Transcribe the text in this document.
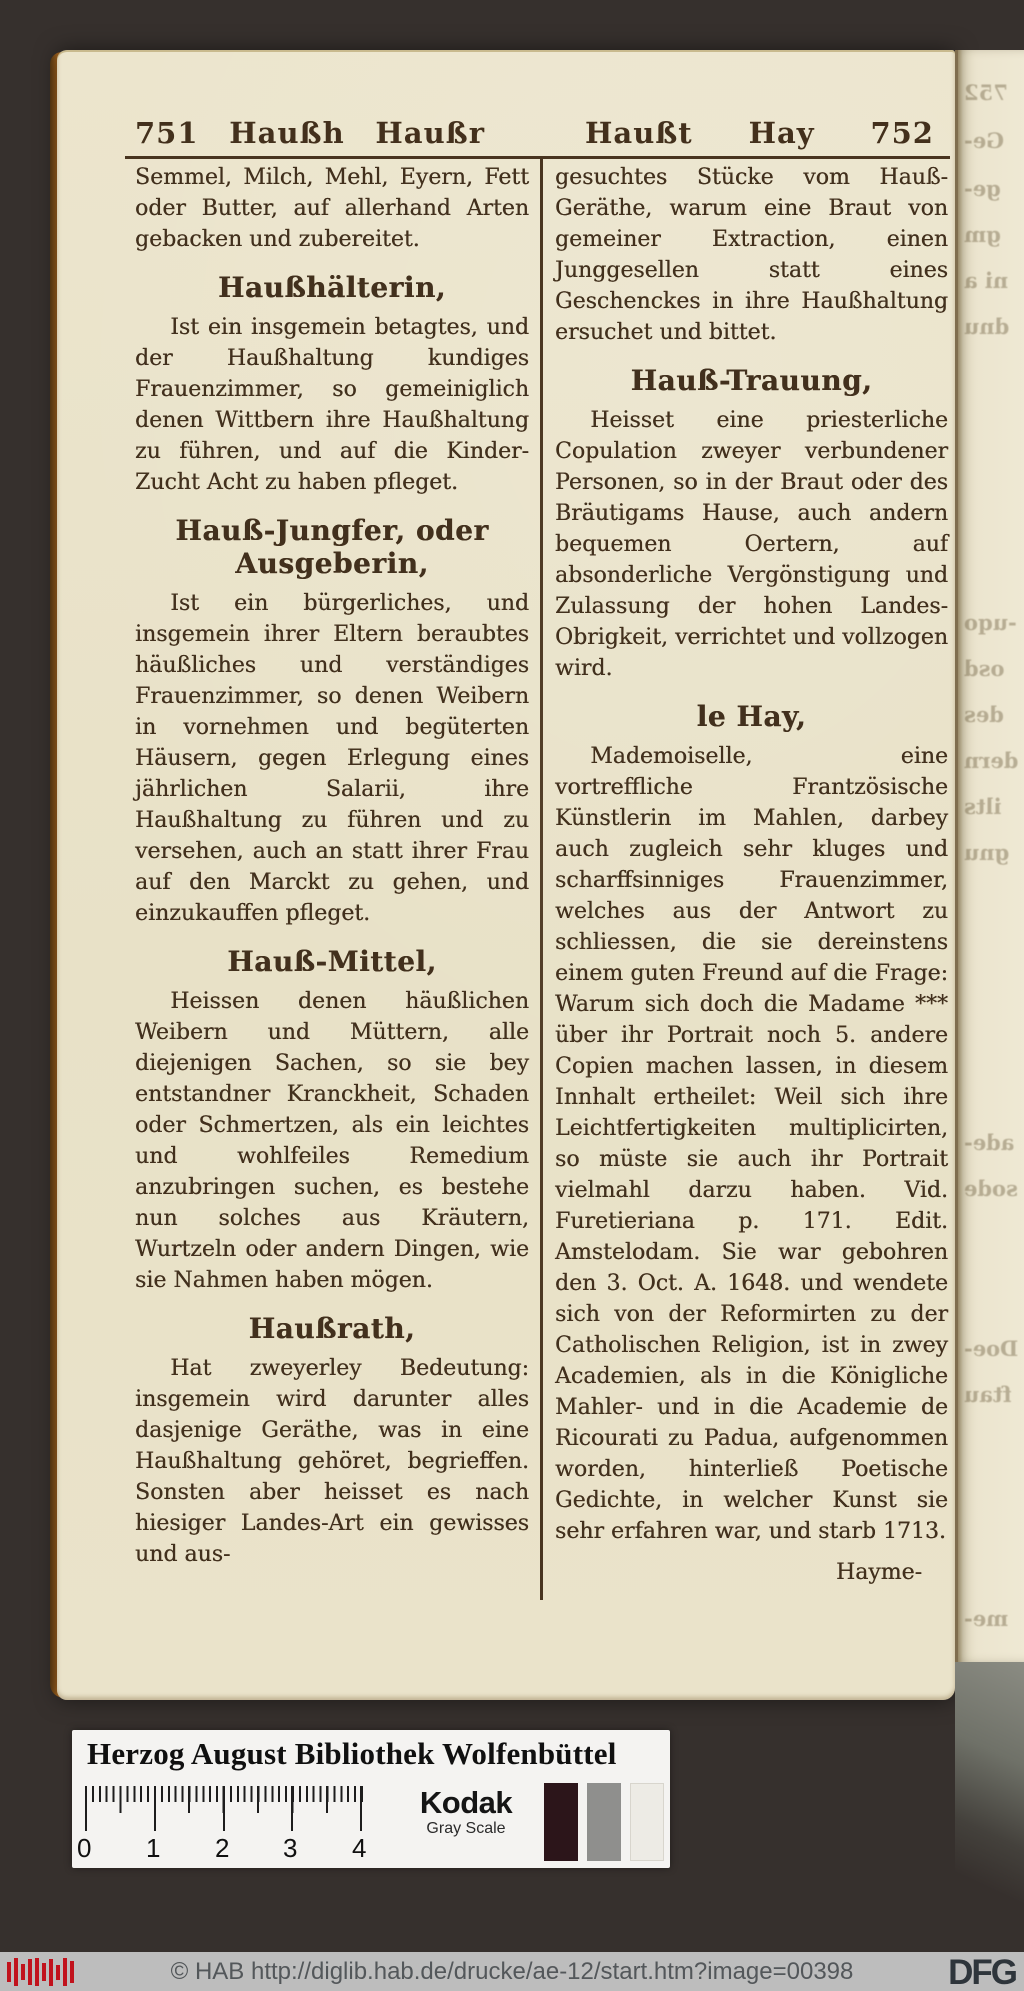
751 Haußh Haußr	Haußt Hay 752

Semmel, Milch, Mehl, Eyern, Fett oder Butter, auf allerhand Arten gebacken und zubereitet.

Haußhälterin,

Ist ein insgemein betagtes, und der Haußhaltung kundiges Frauenzimmer, so gemeiniglich denen Wittbern ihre Haußhaltung zu führen, und auf die Kinder-Zucht Acht zu haben pfleget.

Hauß-Jungfer, oder Ausgeberin,

Ist ein bürgerliches, und insgemein ihrer Eltern beraubtes häußliches und verständiges Frauenzimmer, so denen Weibern in vornehmen und begüterten Häusern, gegen Erlegung eines jährlichen Salarii, ihre Haußhaltung zu führen und zu versehen, auch an statt ihrer Frau auf den Marckt zu gehen, und einzukauffen pfleget.

Hauß-Mittel,

Heissen denen häußlichen Weibern und Müttern, alle diejenigen Sachen, so sie bey entstandner Kranckheit, Schaden oder Schmertzen, als ein leichtes und wohlfeiles Remedium anzubringen suchen, es bestehe nun solches aus Kräutern, Wurtzeln oder andern Dingen, wie sie Nahmen haben mögen.

Haußrath,

Hat zweyerley Bedeutung: insgemein wird darunter alles dasjenige Geräthe, was in eine Haußhaltung gehöret, begrieffen. Sonsten aber heisset es nach hiesiger Landes-Art ein gewisses und aus-

gesuchtes Stücke vom Hauß-Geräthe, warum eine Braut von gemeiner Extraction, einen Junggesellen statt eines Geschenckes in ihre Haußhaltung ersuchet und bittet.

Hauß-Trauung,

Heisset eine priesterliche Copulation zweyer verbundener Personen, so in der Braut oder des Bräutigams Hause, auch andern bequemen Oertern, auf absonderliche Vergönstigung und Zulassung der hohen Landes-Obrigkeit, verrichtet und vollzogen wird.

le Hay,

Mademoiselle, eine vortreffliche Frantzösische Künstlerin im Mahlen, darbey auch zugleich sehr kluges und scharffsinniges Frauenzimmer, welches aus der Antwort zu schliessen, die sie dereinstens einem guten Freund auf die Frage: Warum sich doch die Madame *** über ihr Portrait noch 5. andere Copien machen lassen, in diesem Innhalt ertheilet: Weil sich ihre Leichtfertigkeiten multiplicirten, so müste sie auch ihr Portrait vielmahl darzu haben. Vid. Furetieriana p. 171. Edit. Amstelodam. Sie war gebohren den 3. Oct. A. 1648. und wendete sich von der Reformirten zu der Catholischen Religion, ist in zwey Academien, als in die Königliche Mahler- und in die Academie de Ricourati zu Padua, aufgenommen worden, hinterließ Poetische Gedichte, in welcher Kunst sie sehr erfahren war, und starb 1713.

Hayme-

752
Ge-
ge-
gm
ni a
dnu
-uqo
osd
des
dern
ilts
gnu
ade-
sode
Doe-
ftau
me-
Herzog August Bibliothek Wolfenbüttel
0 1 2 3 4
Kodak
Gray Scale

© HAB http://diglib.hab.de/drucke/ae-12/start.htm?image=00398	DFG
